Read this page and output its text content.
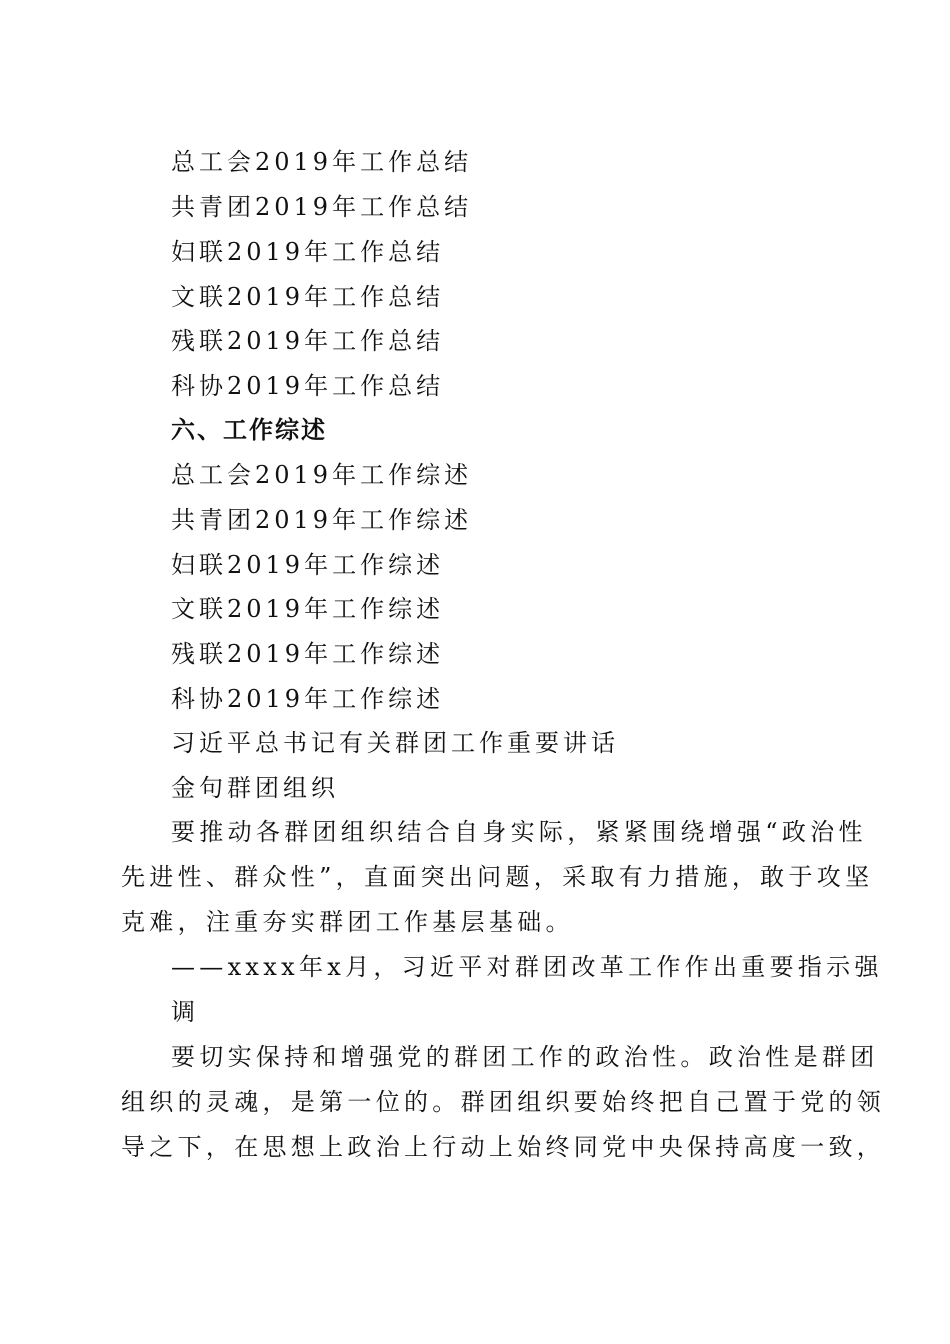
总工会2019年工作总结
共青团2019年工作总结
妇联2019年工作总结
文联2019年工作总结
残联2019年工作总结
科协2019年工作总结
六、工作综述
总工会2019年工作综述
共青团2019年工作综述
妇联2019年工作综述
文联2019年工作综述
残联2019年工作综述
科协2019年工作综述
习近平总书记有关群团工作重要讲话
金句群团组织
要推动各群团组织结合自身实际，紧紧围绕增强“政治性
先进性、群众性”，直面突出问题，采取有力措施，敢于攻坚
克难，注重夯实群团工作基层基础。
——xxxx年x月，习近平对群团改革工作作出重要指示强
调
要切实保持和增强党的群团工作的政治性。政治性是群团
组织的灵魂，是第一位的。群团组织要始终把自己置于党的领
导之下，在思想上政治上行动上始终同党中央保持高度一致，
